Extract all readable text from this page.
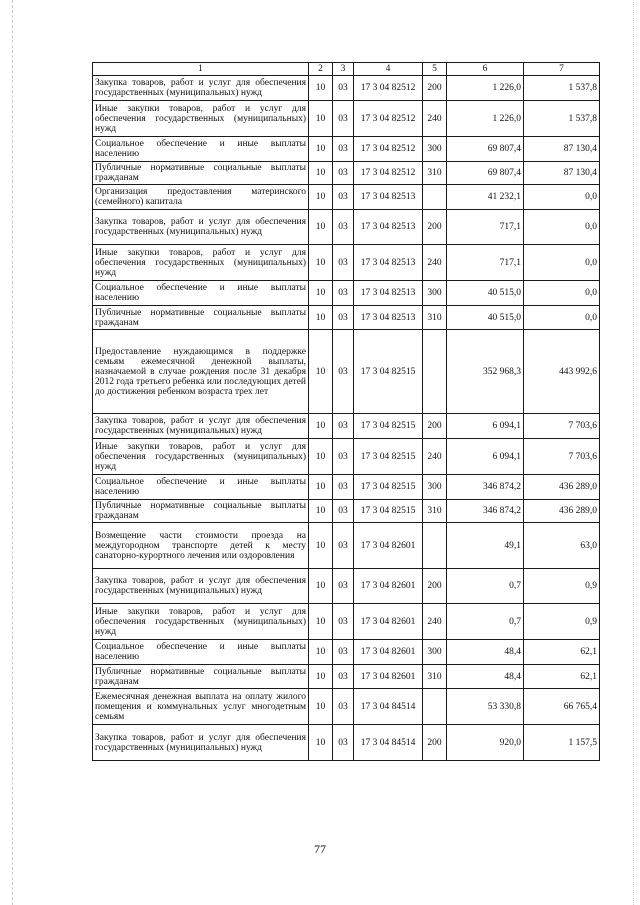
1	2	3	4	5	6	7
Закупка товаров, работ и услуг для обеспечения государственных (муниципальных) нужд	10	03	17 3 04 82512	200	1 226,0	1 537,8
Иные закупки товаров, работ и услуг для обеспечения государственных (муниципальных) нужд	10	03	17 3 04 82512	240	1 226,0	1 537,8
Социальное обеспечение и иные выплаты населению	10	03	17 3 04 82512	300	69 807,4	87 130,4
Публичные нормативные социальные выплаты гражданам	10	03	17 3 04 82512	310	69 807,4	87 130,4
Организация предоставления материнского (семейного) капитала	10	03	17 3 04 82513		41 232,1	0,0
Закупка товаров, работ и услуг для обеспечения государственных (муниципальных) нужд	10	03	17 3 04 82513	200	717,1	0,0
Иные закупки товаров, работ и услуг для обеспечения государственных (муниципальных) нужд	10	03	17 3 04 82513	240	717,1	0,0
Социальное обеспечение и иные выплаты населению	10	03	17 3 04 82513	300	40 515,0	0,0
Публичные нормативные социальные выплаты гражданам	10	03	17 3 04 82513	310	40 515,0	0,0
Предоставление нуждающимся в поддержке семьям ежемесячной денежной выплаты, назначаемой в случае рождения после 31 декабря 2012 года третьего ребенка или последующих детей до достижения ребенком возраста трех лет	10	03	17 3 04 82515		352 968,3	443 992,6
Закупка товаров, работ и услуг для обеспечения государственных (муниципальных) нужд	10	03	17 3 04 82515	200	6 094,1	7 703,6
Иные закупки товаров, работ и услуг для обеспечения государственных (муниципальных) нужд	10	03	17 3 04 82515	240	6 094,1	7 703,6
Социальное обеспечение и иные выплаты населению	10	03	17 3 04 82515	300	346 874,2	436 289,0
Публичные нормативные социальные выплаты гражданам	10	03	17 3 04 82515	310	346 874,2	436 289,0
Возмещение части стоимости проезда на междугородном транспорте детей к месту санаторно-курортного лечения или оздоровления	10	03	17 3 04 82601		49,1	63,0
Закупка товаров, работ и услуг для обеспечения государственных (муниципальных) нужд	10	03	17 3 04 82601	200	0,7	0,9
Иные закупки товаров, работ и услуг для обеспечения государственных (муниципальных) нужд	10	03	17 3 04 82601	240	0,7	0,9
Социальное обеспечение и иные выплаты населению	10	03	17 3 04 82601	300	48,4	62,1
Публичные нормативные социальные выплаты гражданам	10	03	17 3 04 82601	310	48,4	62,1
Ежемесячная денежная выплата на оплату жилого помещения и коммунальных услуг многодетным семьям	10	03	17 3 04 84514		53 330,8	66 765,4
Закупка товаров, работ и услуг для обеспечения государственных (муниципальных) нужд	10	03	17 3 04 84514	200	920,0	1 157,5
77
